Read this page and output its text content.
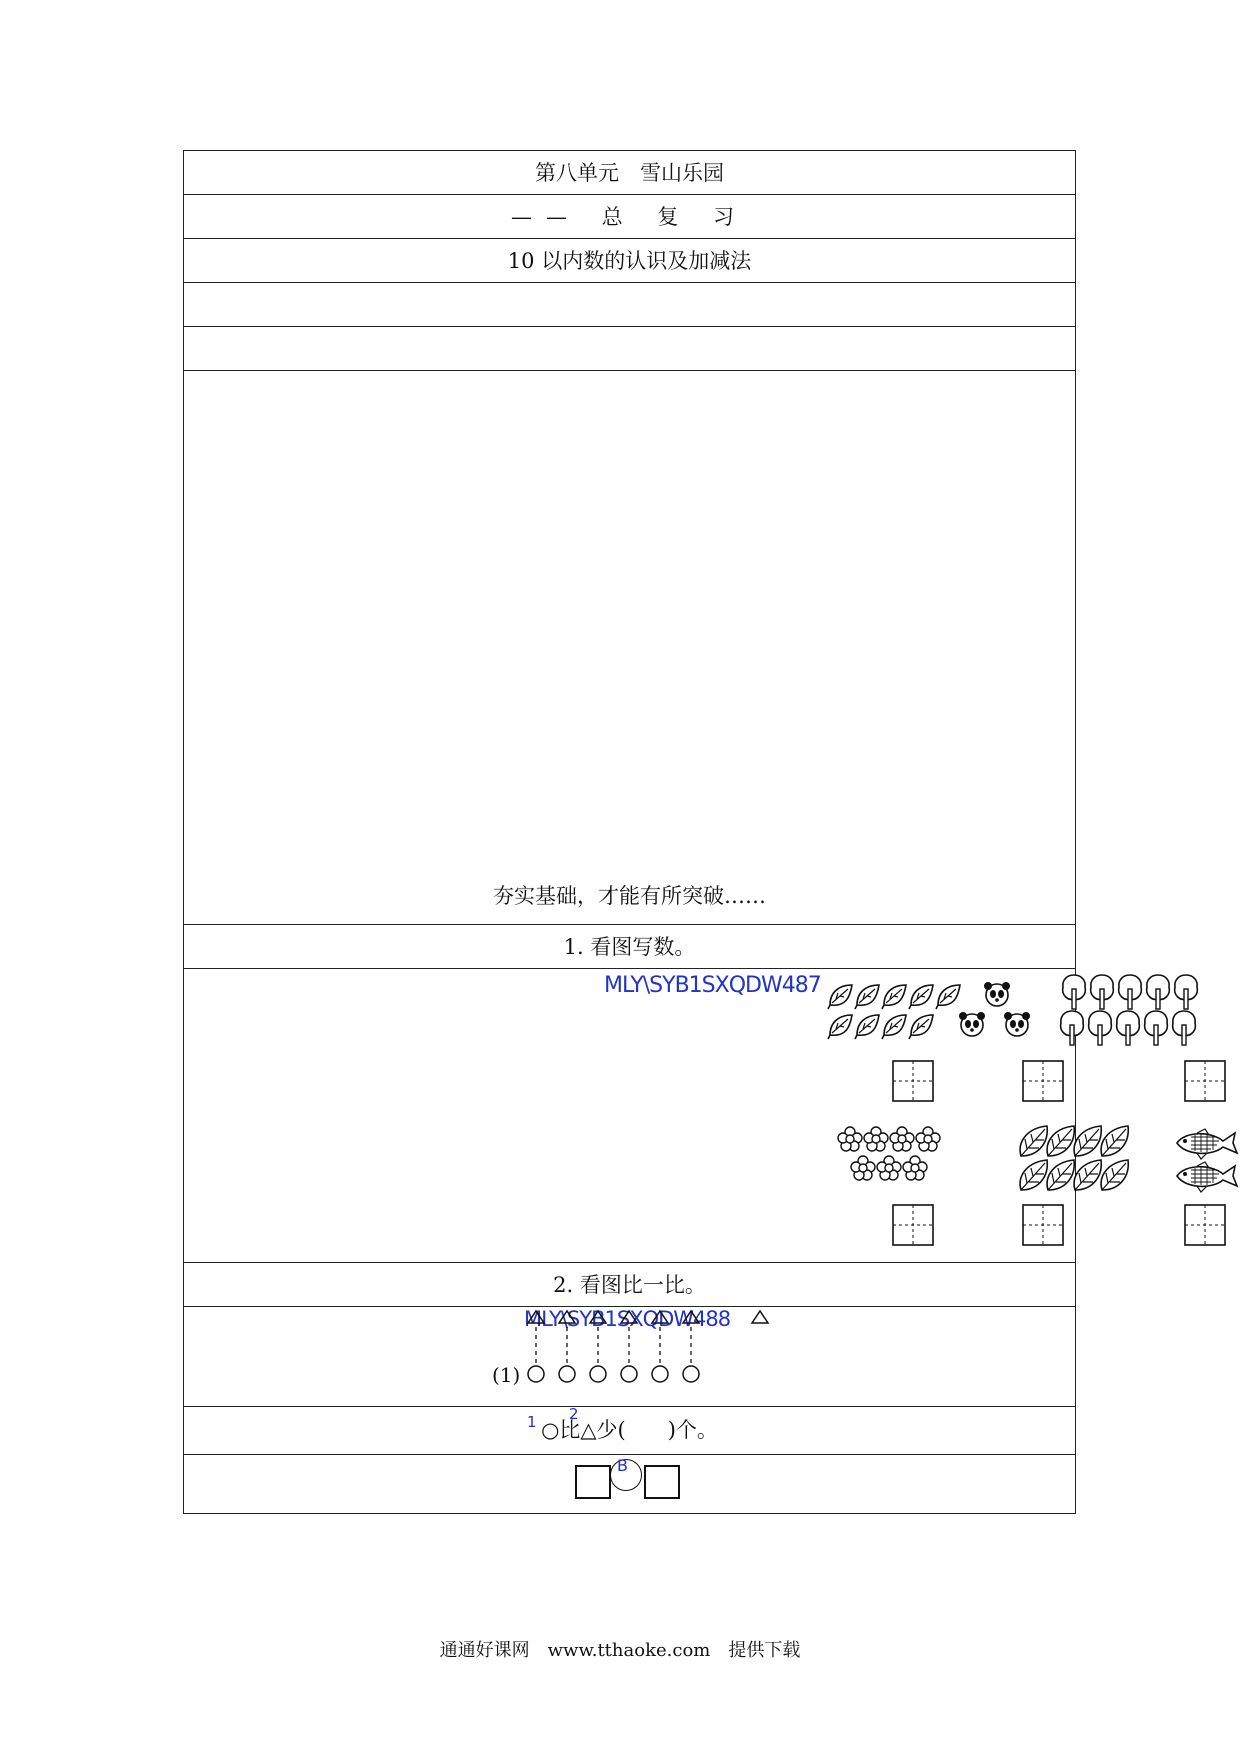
第八单元　雪山乐园
—— 总 复 习
10 以内数的认识及加减法
夯实基础，才能有所突破……
1. 看图写数。
MLY\SYB1SXQDW487
2. 看图比一比。
MLY\SYB1SXQDW488
(1)
1 2
○比△少(　　)个。
B
通通好课网　www.tthaoke.com　提供下载
